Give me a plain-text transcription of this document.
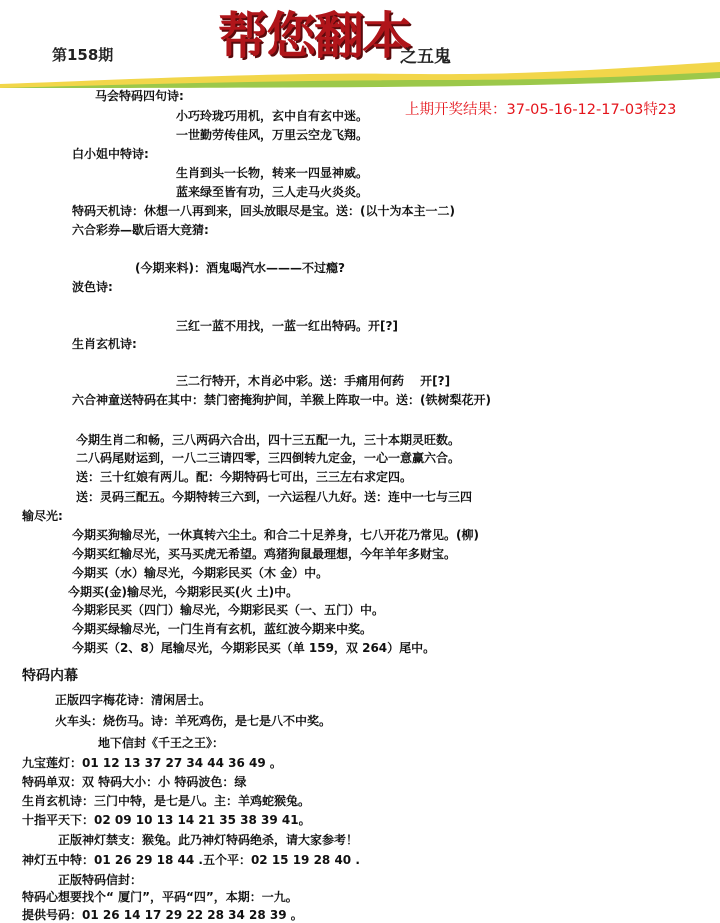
第158期 帮您翻本
之五鬼
上期开奖结果：37-05-16-12-17-03特23
马会特码四句诗:
小巧玲珑巧用机，玄中自有玄中迷。
一世勤劳传佳风，万里云空龙飞翔。
白小姐中特诗:
生肖到头一长物，转来一四显神威。
蓝来绿至皆有功，三人走马火炎炎。
特码天机诗：休想一八再到来，回头放眼尽是宝。送：(以十为本主一二)
六合彩券—歇后语大竞猜:
(今期来料)：酒鬼喝汽水———不过瘾?
波色诗:
三红一蓝不用找，一蓝一红出特码。开[?]
生肖玄机诗:
三二行特开，木肖必中彩。送：手痛用何药　 开[?]
六合神童送特码在其中：禁门密掩狗护间，羊猴上阵取一中。送：(铁树梨花开)
今期生肖二和畅，三八两码六合出，四十三五配一九，三十本期灵旺数。
二八码尾财运到，一八二三请四零，三四倒转九定金，一心一意赢六合。
送：三十红娘有两儿。配：今期特码七可出，三三左右求定四。
送：灵码三配五。今期特转三六到，一六运程八九好。送：连中一七与三四
输尽光:
今期买狗输尽光，一休真转六尘土。和合二十足养身，七八开花乃常见。(柳)
今期买红输尽光，买马买虎无希望。鸡猪狗鼠最理想，今年羊年多财宝。
今期买（水）输尽光，今期彩民买（木 金）中。
今期买(金)输尽光，今期彩民买(火 土)中。
今期彩民买（四门）输尽光，今期彩民买（一、五门）中。
今期买绿输尽光，一门生肖有玄机，蓝红波今期来中奖。
今期买（2、8）尾输尽光，今期彩民买（单 159，双 264）尾中。
正版四字梅花诗：清闲居士。
火车头：烧伤马。诗：羊死鸡伤，是七是八不中奖。
地下信封《千王之王》：
九宝莲灯：01 12 13 37 27 34 44 36 49 。
特码单双：双 特码大小：小 特码波色：绿
生肖玄机诗：三门中特，是七是八。主：羊鸡蛇猴兔。
十指平天下：02 09 10 13 14 21 35 38 39 41。
正版神灯禁支：猴兔。此乃神灯特码绝杀，请大家参考！
神灯五中特：01 26 29 18 44 .五个平：02 15 19 28 40 .
正版特码信封：
特码心想要找个“ 厦门”，平码“四”，本期：一九。
提供号码：01 26 14 17 29 22 28 34 28 39 。
特码内幕
